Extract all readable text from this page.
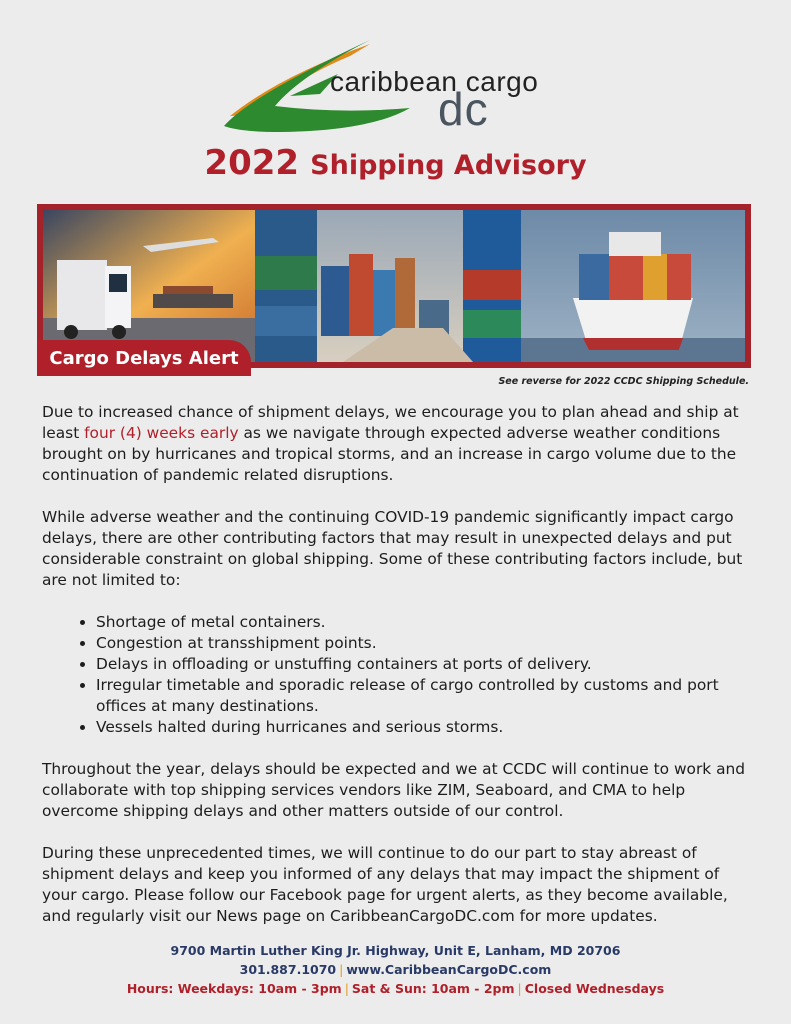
caribbean cargo
dc
2022 Shipping Advisory
Cargo Delays Alert
See reverse for 2022 CCDC Shipping Schedule.

Due to increased chance of shipment delays, we encourage you to plan ahead and ship at least four (4) weeks early as we navigate through expected adverse weather conditions brought on by hurricanes and tropical storms, and an increase in cargo volume due to the continuation of pandemic related disruptions.

While adverse weather and the continuing COVID-19 pandemic significantly impact cargo delays, there are other contributing factors that may result in unexpected delays and put considerable constraint on global shipping. Some of these contributing factors include, but are not limited to:

• Shortage of metal containers.
• Congestion at transshipment points.
• Delays in offloading or unstuffing containers at ports of delivery.
• Irregular timetable and sporadic release of cargo controlled by customs and port offices at many destinations.
• Vessels halted during hurricanes and serious storms.

Throughout the year, delays should be expected and we at CCDC will continue to work and collaborate with top shipping services vendors like ZIM, Seaboard, and CMA to help overcome shipping delays and other matters outside of our control.

During these unprecedented times, we will continue to do our part to stay abreast of shipment delays and keep you informed of any delays that may impact the shipment of your cargo. Please follow our Facebook page for urgent alerts, as they become available, and regularly visit our News page on CaribbeanCargoDC.com for more updates.

9700 Martin Luther King Jr. Highway, Unit E, Lanham, MD 20706
301.887.1070 | www.CaribbeanCargoDC.com
Hours: Weekdays: 10am - 3pm | Sat & Sun: 10am - 2pm | Closed Wednesdays
